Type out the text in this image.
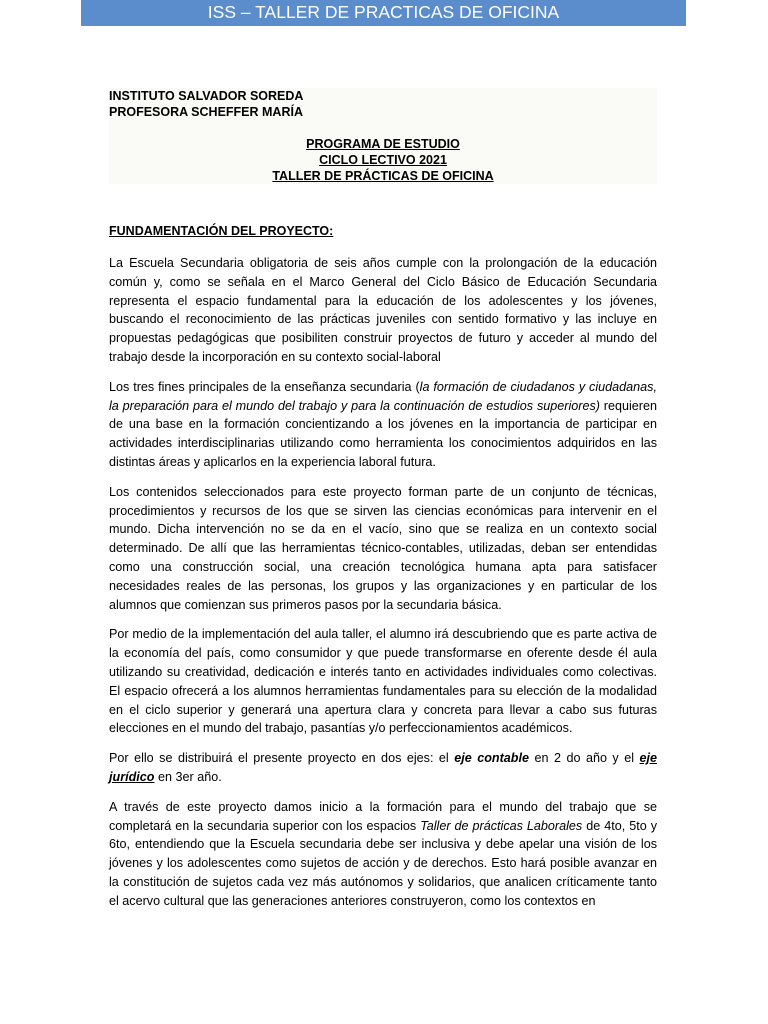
ISS – TALLER DE PRACTICAS DE OFICINA
INSTITUTO SALVADOR SOREDA
PROFESORA SCHEFFER MARÍA
PROGRAMA DE ESTUDIO
CICLO LECTIVO 2021
TALLER DE PRÁCTICAS DE OFICINA
FUNDAMENTACIÓN DEL PROYECTO:

La Escuela Secundaria obligatoria de seis años cumple con la prolongación de la educación común y, como se señala en el Marco General del Ciclo Básico de Educación Secundaria representa el espacio fundamental para la educación de los adolescentes y los jóvenes, buscando el reconocimiento de las prácticas juveniles con sentido formativo y las incluye en propuestas pedagógicas que posibiliten construir proyectos de futuro y acceder al mundo del trabajo desde la incorporación en su contexto social-laboral

Los tres fines principales de la enseñanza secundaria (la formación de ciudadanos y ciudadanas, la preparación para el mundo del trabajo y para la continuación de estudios superiores) requieren de una base en la formación concientizando a los jóvenes en la importancia de participar en actividades interdisciplinarias utilizando como herramienta los conocimientos adquiridos en las distintas áreas y aplicarlos en la experiencia laboral futura.

Los contenidos seleccionados para este proyecto forman parte de un conjunto de técnicas, procedimientos y recursos de los que se sirven las ciencias económicas para intervenir en el mundo. Dicha intervención no se da en el vacío, sino que se realiza en un contexto social determinado. De allí que las herramientas técnico-contables, utilizadas, deban ser entendidas como una construcción social, una creación tecnológica humana apta para satisfacer necesidades reales de las personas, los grupos y las organizaciones y en particular de los alumnos que comienzan sus primeros pasos por la secundaria básica.

Por medio de la implementación del aula taller, el alumno irá descubriendo que es parte activa de la economía del país, como consumidor y que puede transformarse en oferente desde él aula utilizando su creatividad, dedicación e interés tanto en actividades individuales como colectivas. El espacio ofrecerá a los alumnos herramientas fundamentales para su elección de la modalidad en el ciclo superior y generará una apertura clara y concreta para llevar a cabo sus futuras elecciones en el mundo del trabajo, pasantías y/o perfeccionamientos académicos.

Por ello se distribuirá el presente proyecto en dos ejes: el eje contable en 2 do año y el eje jurídico en 3er año.

A través de este proyecto damos inicio a la formación para el mundo del trabajo que se completará en la secundaria superior con los espacios Taller de prácticas Laborales de 4to, 5to y 6to, entendiendo que la Escuela secundaria debe ser inclusiva y debe apelar una visión de los jóvenes y los adolescentes como sujetos de acción y de derechos. Esto hará posible avanzar en la constitución de sujetos cada vez más autónomos y solidarios, que analicen críticamente tanto el acervo cultural que las generaciones anteriores construyeron, como los contextos en
